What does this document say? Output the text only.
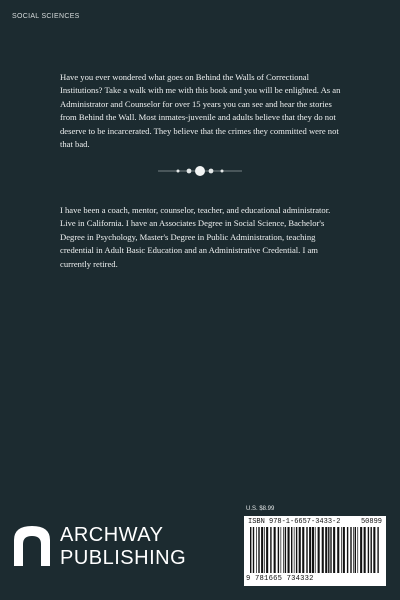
SOCIAL SCIENCES

Have you ever wondered what goes on Behind the Walls of Correctional Institutions? Take a walk with me with this book and you will be enlighted. As an Administrator and Counselor for over 15 years you can see and hear the stories from Behind the Wall. Most inmates-juvenile and adults believe that they do not deserve to be incarcerated. They believe that the crimes they committed were not that bad.

I have been a coach, mentor, counselor, teacher, and educational administrator. Live in California. I have an Associates Degree in Social Science, Bachelor's Degree in Psychology, Master's Degree in Public Administration, teaching credential in Adult Basic Education and an Administrative Credential. I am currently retired.

U.S. $8.99
ISBN 978-1-6657-3433-2	50899
9 781665 734332
ARCHWAY
PUBLISHING
